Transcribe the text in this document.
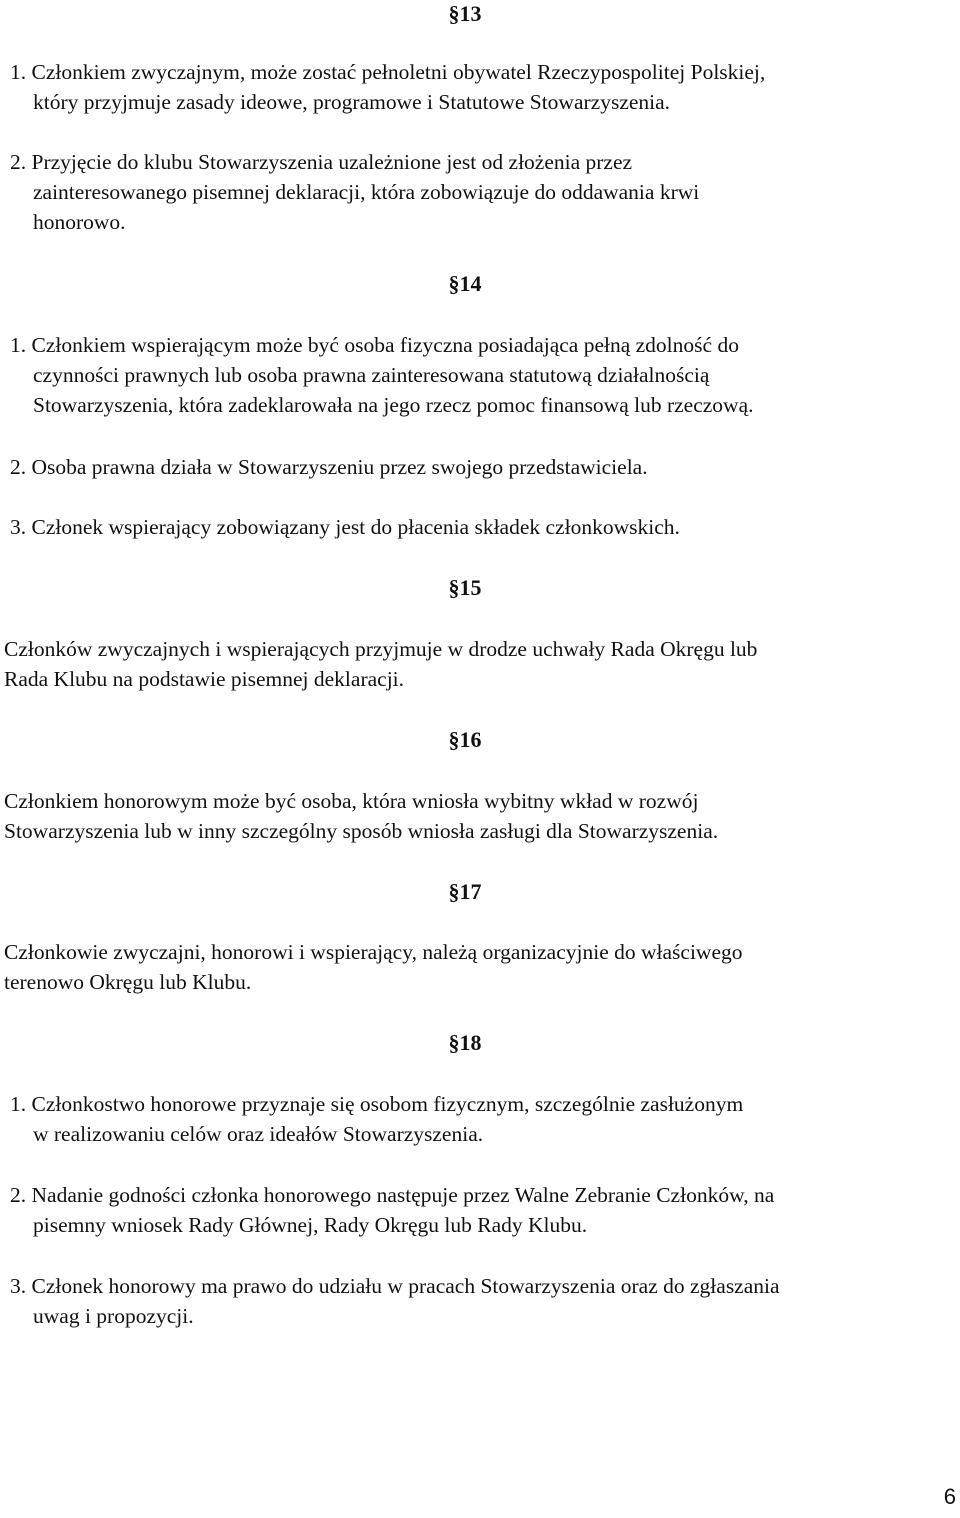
§13

1. Członkiem zwyczajnym, może zostać pełnoletni obywatel Rzeczypospolitej Polskiej,
który przyjmuje zasady ideowe, programowe i Statutowe Stowarzyszenia.

2. Przyjęcie do klubu Stowarzyszenia uzależnione jest od złożenia przez
zainteresowanego pisemnej deklaracji, która zobowiązuje do oddawania krwi
honorowo.

§14

1. Członkiem wspierającym może być osoba fizyczna posiadająca pełną zdolność do
czynności prawnych lub osoba prawna zainteresowana statutową działalnością
Stowarzyszenia, która zadeklarowała na jego rzecz pomoc finansową lub rzeczową.

2. Osoba prawna działa w Stowarzyszeniu przez swojego przedstawiciela.

3. Członek wspierający zobowiązany jest do płacenia składek członkowskich.

§15

Członków zwyczajnych i wspierających przyjmuje w drodze uchwały Rada Okręgu lub
Rada Klubu na podstawie pisemnej deklaracji.

§16

Członkiem honorowym może być osoba, która wniosła wybitny wkład w rozwój
Stowarzyszenia lub w inny szczególny sposób wniosła zasługi dla Stowarzyszenia.

§17

Członkowie zwyczajni, honorowi i wspierający, należą organizacyjnie do właściwego
terenowo Okręgu lub Klubu.

§18

1. Członkostwo honorowe przyznaje się osobom fizycznym, szczególnie zasłużonym
w realizowaniu celów oraz ideałów Stowarzyszenia.

2. Nadanie godności członka honorowego następuje przez Walne Zebranie Członków, na
pisemny wniosek Rady Głównej, Rady Okręgu lub Rady Klubu.

3. Członek honorowy ma prawo do udziału w pracach Stowarzyszenia oraz do zgłaszania
uwag i propozycji.

6
